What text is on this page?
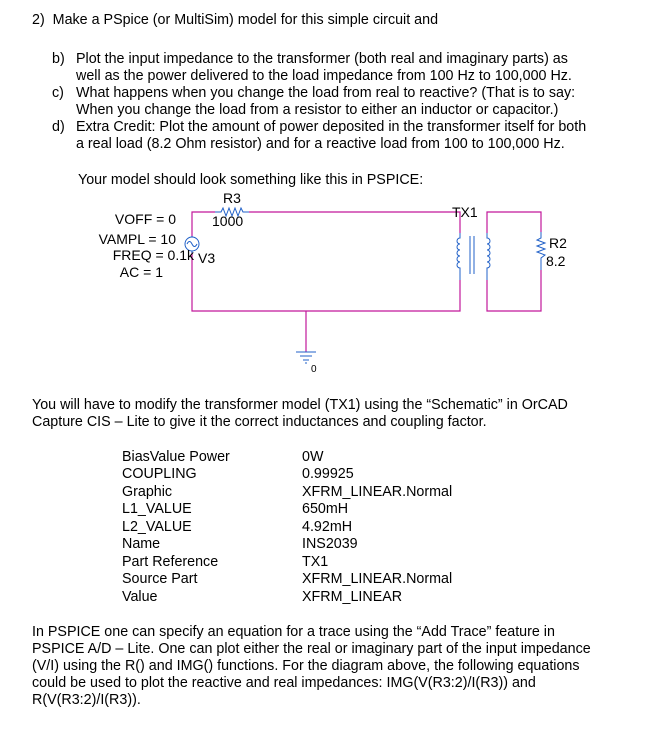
2) Make a PSpice (or MultiSim) model for this simple circuit and
b) Plot the input impedance to the transformer (both real and imaginary parts) as
well as the power delivered to the load impedance from 100 Hz to 100,000 Hz.
c) What happens when you change the load from real to reactive? (That is to say:
When you change the load from a resistor to either an inductor or capacitor.)
d) Extra Credit: Plot the amount of power deposited in the transformer itself for both
a real load (8.2 Ohm resistor) and for a reactive load from 100 to 100,000 Hz.
Your model should look something like this in PSPICE:
R3
1000
V3
VOFF = 0
VAMPL = 10
FREQ = 0.1k
AC = 1
TX1
R2
8.2
0
You will have to modify the transformer model (TX1) using the “Schematic” in OrCAD
Capture CIS – Lite to give it the correct inductances and coupling factor.
BiasValue Power	0W
COUPLING	0.99925
Graphic	XFRM_LINEAR.Normal
L1_VALUE	650mH
L2_VALUE	4.92mH
Name	INS2039
Part Reference	TX1
Source Part	XFRM_LINEAR.Normal
Value	XFRM_LINEAR
In PSPICE one can specify an equation for a trace using the “Add Trace” feature in
PSPICE A/D – Lite. One can plot either the real or imaginary part of the input impedance
(V/I) using the R() and IMG() functions. For the diagram above, the following equations
could be used to plot the reactive and real impedances: IMG(V(R3:2)/I(R3)) and
R(V(R3:2)/I(R3)).
